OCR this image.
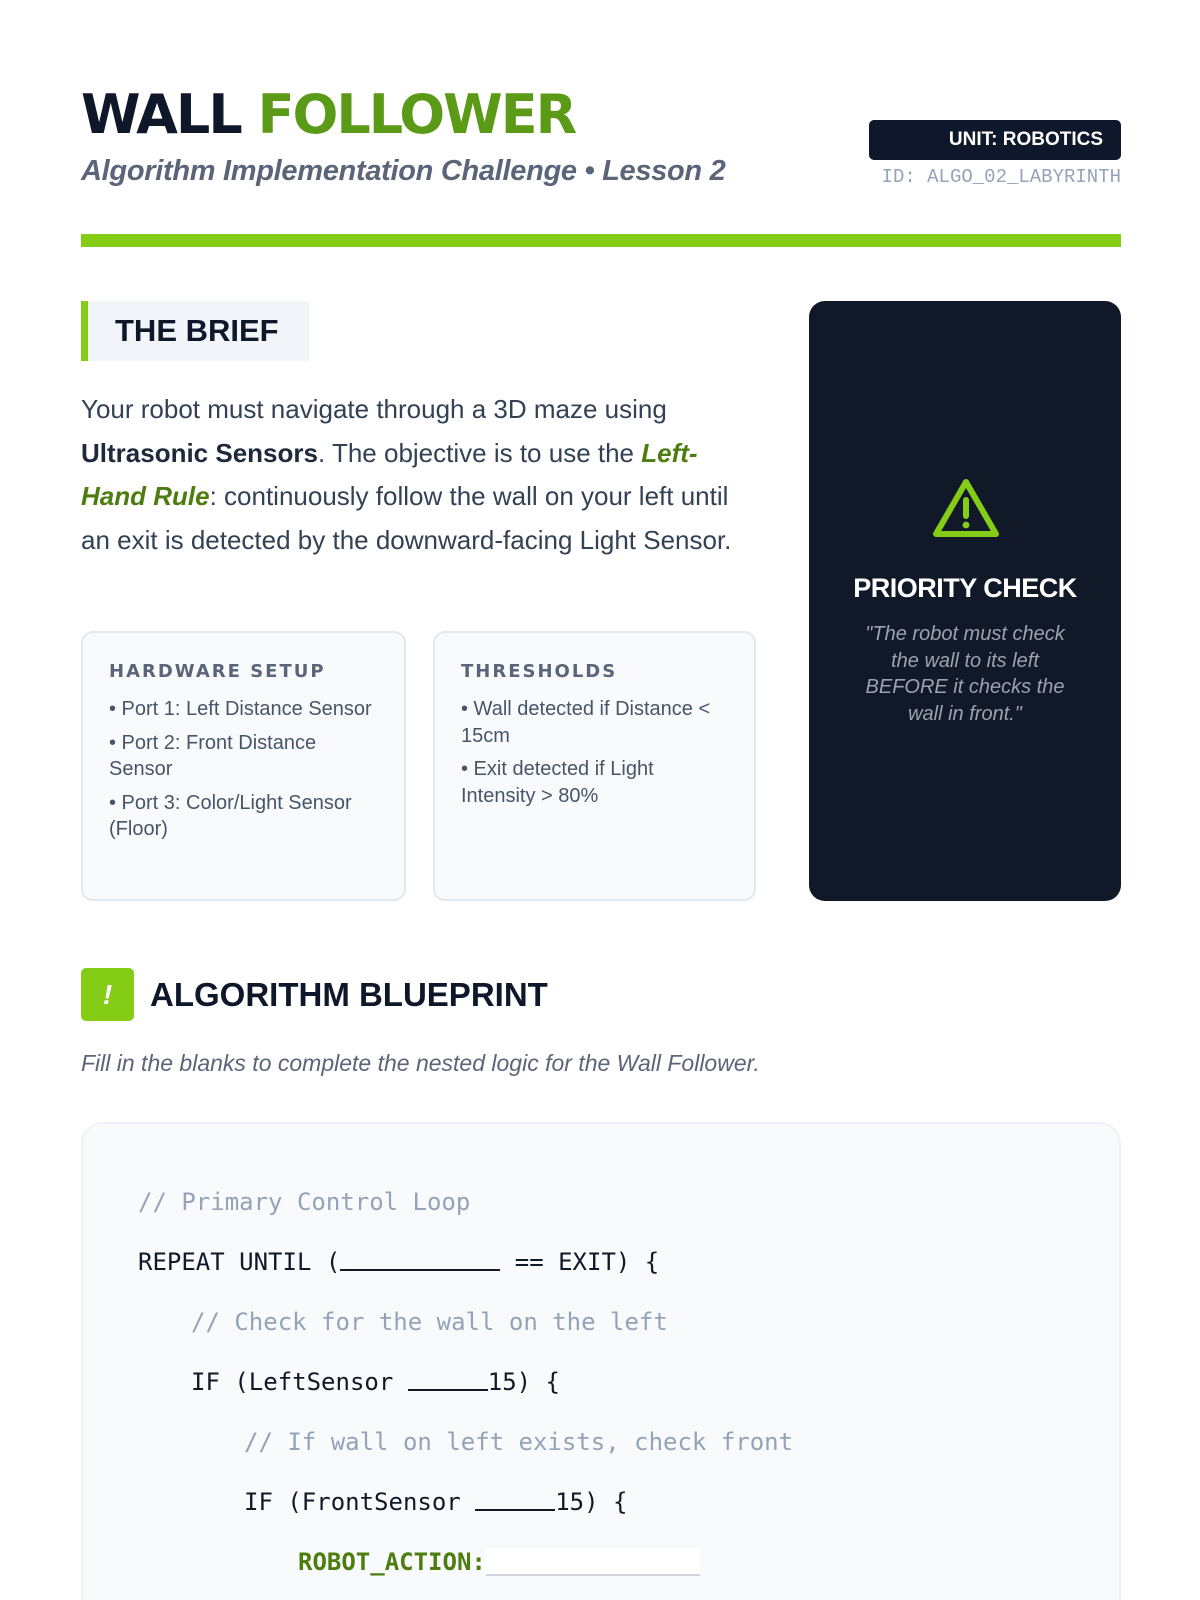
WALL FOLLOWER
Algorithm Implementation Challenge • Lesson 2
UNIT: ROBOTICS
ID: ALGO_02_LABYRINTH
THE BRIEF

Your robot must navigate through a 3D maze using Ultrasonic Sensors. The objective is to use the Left-Hand Rule: continuously follow the wall on your left until an exit is detected by the downward-facing Light Sensor.

HARDWARE SETUP
• Port 1: Left Distance Sensor
• Port 2: Front Distance Sensor
• Port 3: Color/Light Sensor (Floor)
THRESHOLDS
• Wall detected if Distance < 15cm
• Exit detected if Light Intensity > 80%
PRIORITY CHECK
"The robot must check the wall to its left BEFORE it checks the wall in front."
!	ALGORITHM BLUEPRINT
Fill in the blanks to complete the nested logic for the Wall Follower.
// Primary Control Loop
REPEAT UNTIL (	== EXIT) {
// Check for the wall on the left
IF (LeftSensor	15) {
// If wall on left exists, check front
IF (FrontSensor	15) {
ROBOT_ACTION:
